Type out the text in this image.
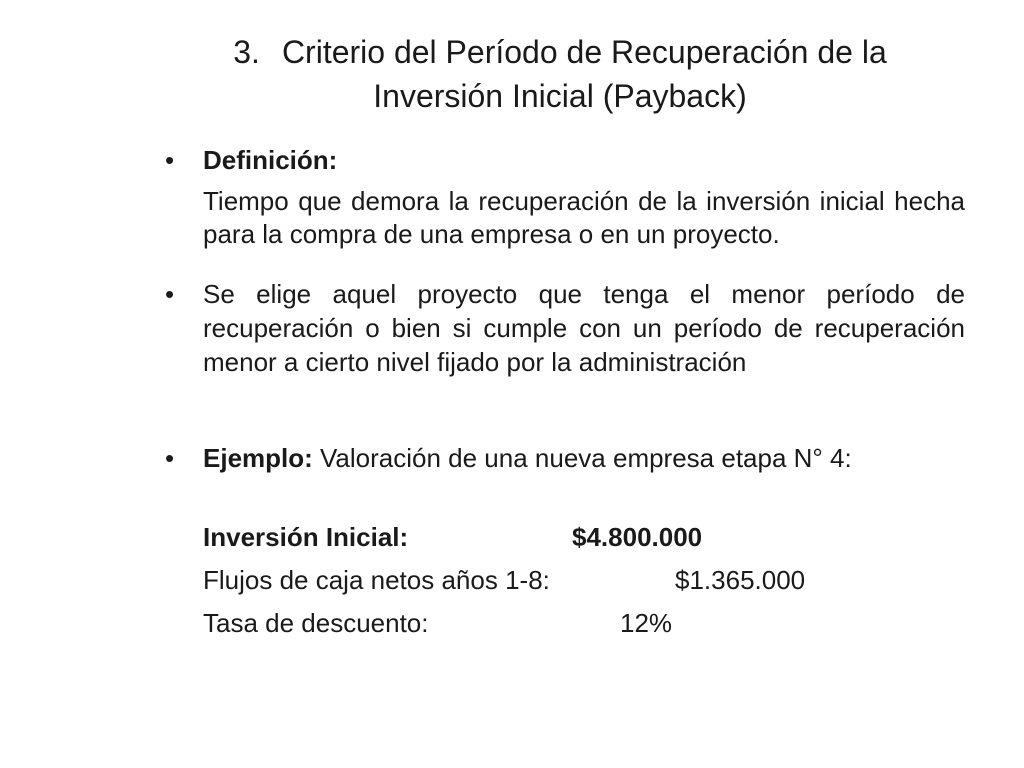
3. Criterio del Período de Recuperación de la
Inversión Inicial (Payback)
• Definición:
Tiempo que demora la recuperación de la inversión inicial hecha para la compra de una empresa o en un proyecto.
• Se elige aquel proyecto que tenga el menor período de recuperación o bien si cumple con un período de recuperación menor a cierto nivel fijado por la administración
• Ejemplo: Valoración de una nueva empresa etapa N° 4:
Inversión Inicial:	$4.800.000
Flujos de caja netos años 1-8:	$1.365.000
Tasa de descuento:	12%
